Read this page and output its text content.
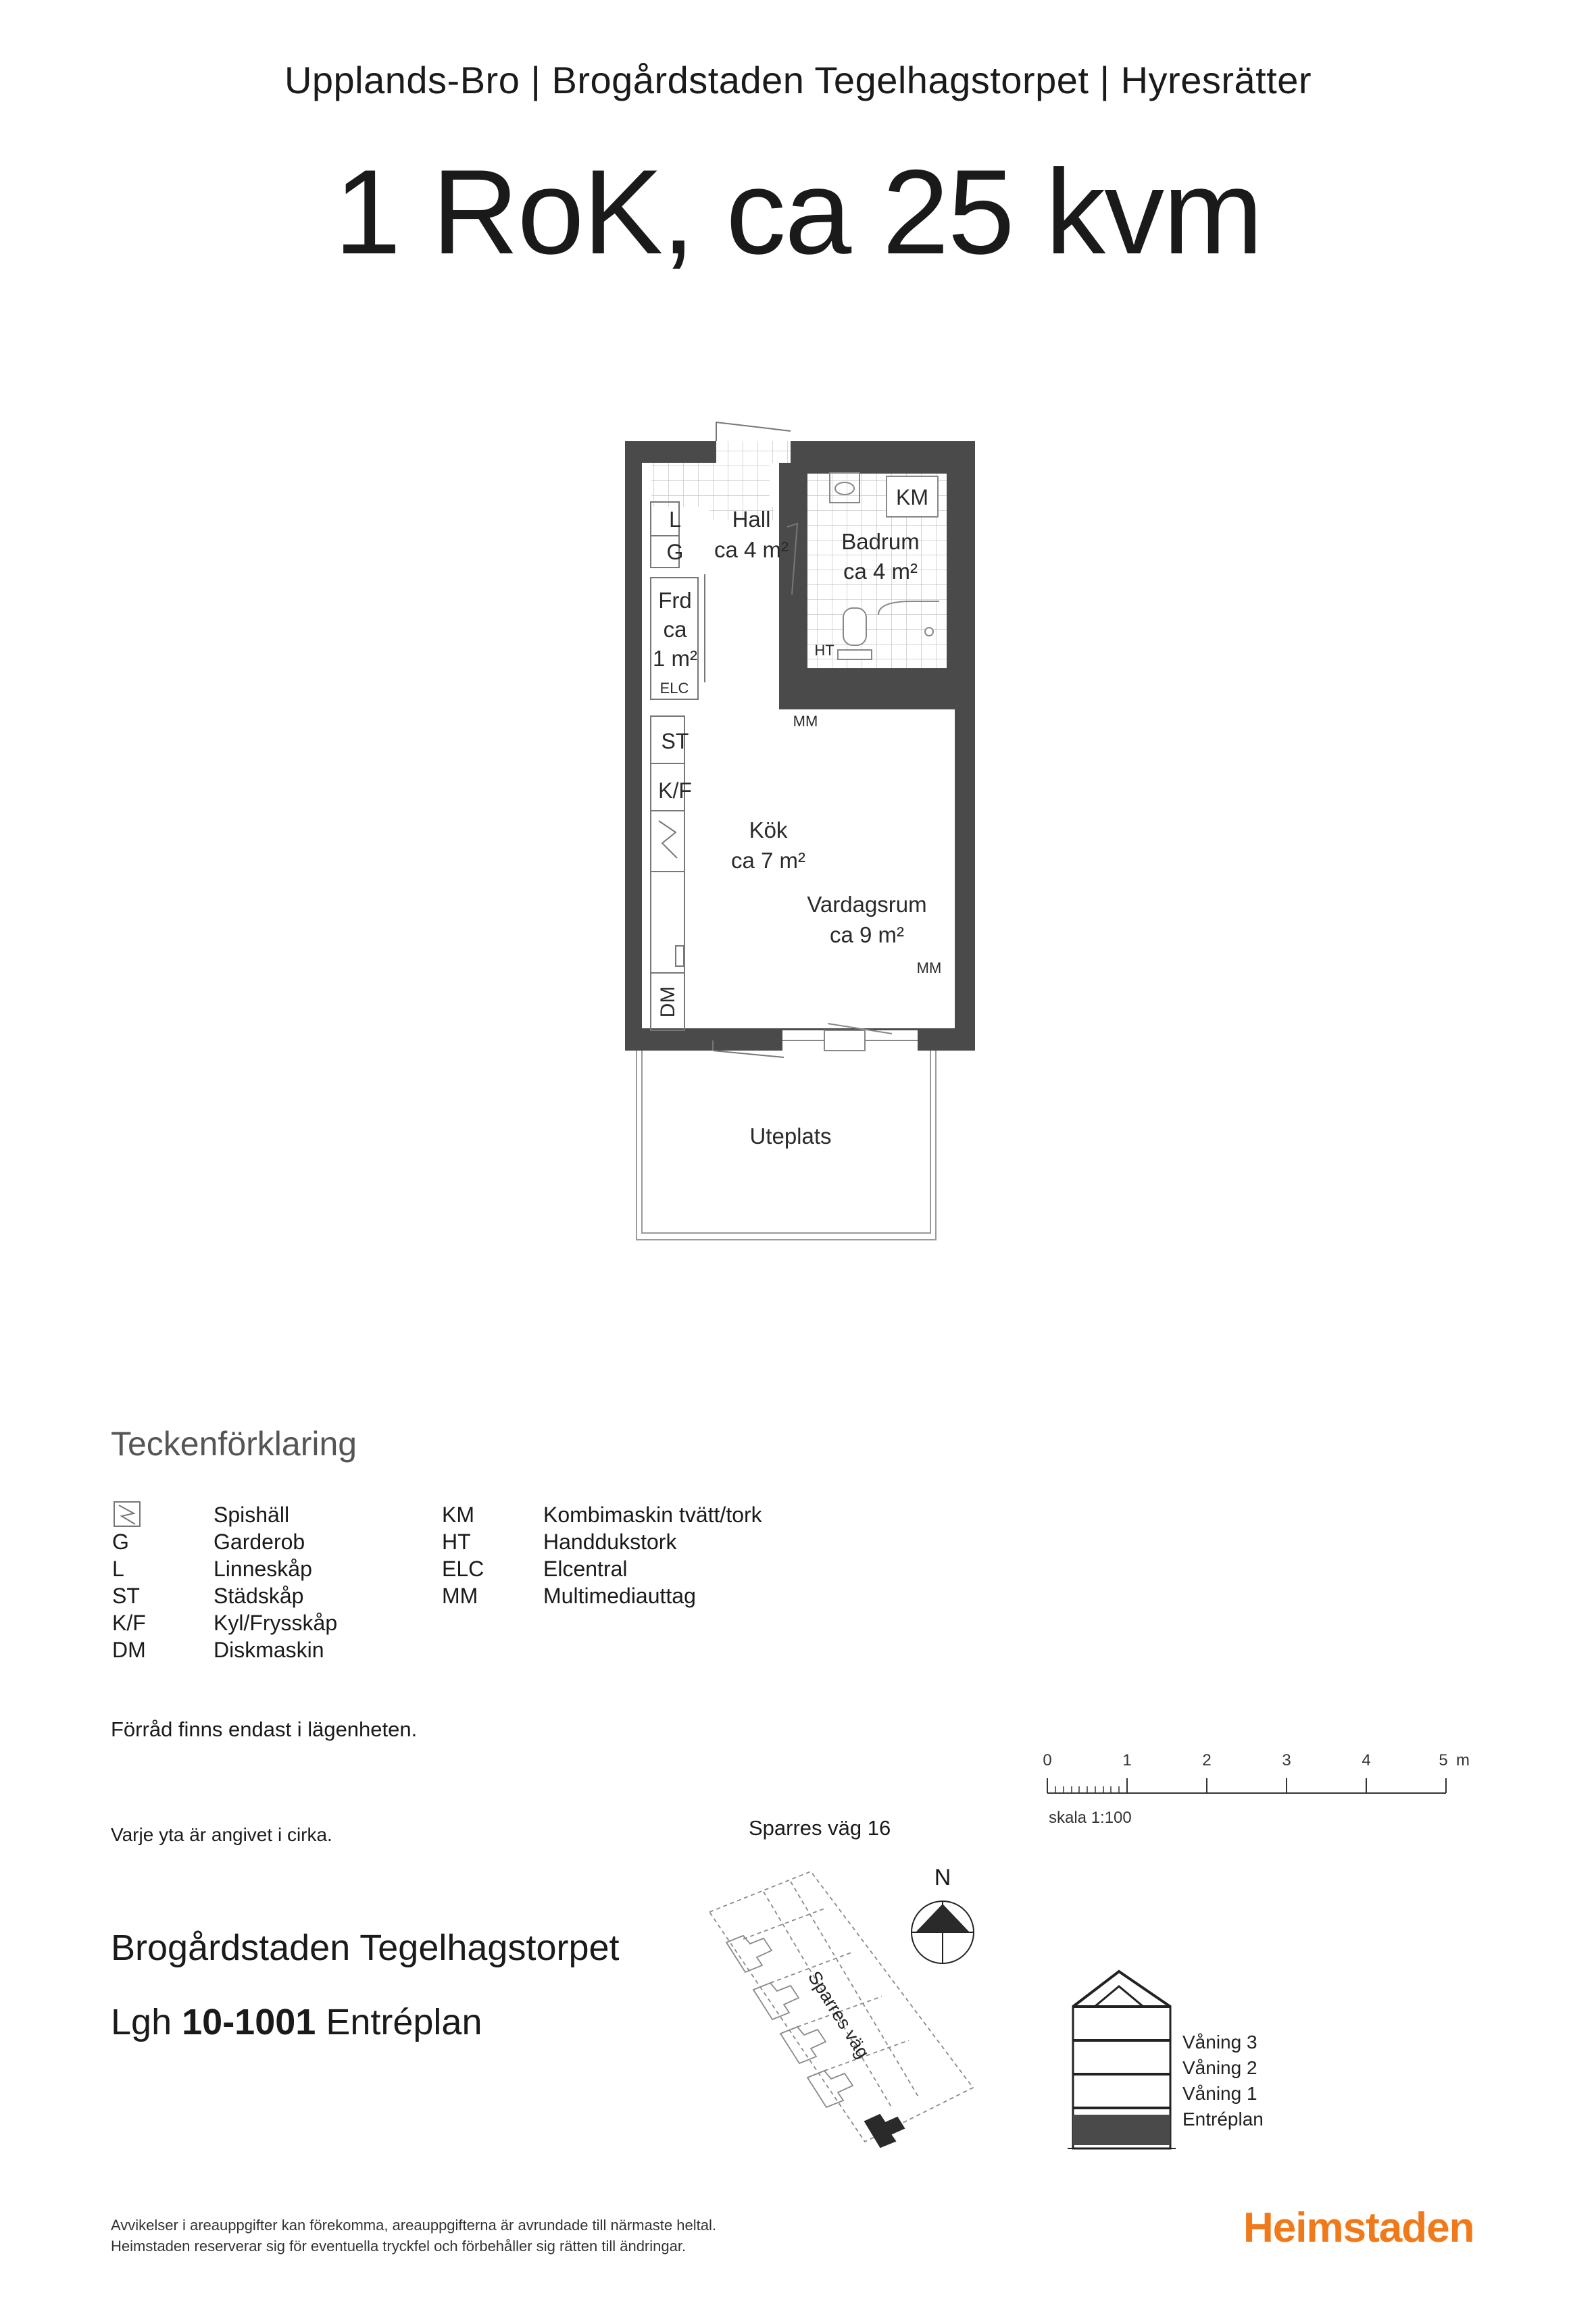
Upplands-Bro | Brogårdstaden Tegelhagstorpet | Hyresrätter
1 RoK, ca 25 kvm
Hall
ca 4 m² Badrum
ca 4 m²
Frd
ca
1 m²
Kök
ca 7 m²
Vardagsrum
ca 9 m²
Uteplats
L
G
KM
HT
ELC
ST
K/F
DM
MM
MM
Teckenförklaring
Spishäll
G	Garderob
L	Linneskåp
ST	Städskåp
K/F	Kyl/Frysskåp
DM	Diskmaskin
KM	Kombimaskin tvätt/tork
HT	Handdukstork
ELC	Elcentral
MM	Multimediauttag
Förråd finns endast i lägenheten.
Varje yta är angivet i cirka.
0	1	2	3	4	5 m
skala 1:100
Sparres väg 16
Sparres väg
N
Brogårdstaden Tegelhagstorpet
Lgh 10-1001 Entréplan	Våning 3
Våning 2
Våning 1
Entréplan
Avvikelser i areauppgifter kan förekomma, areauppgifterna är avrundade till närmaste heltal.
Heimstaden reserverar sig för eventuella tryckfel och förbehåller sig rätten till ändringar.	Heimstaden
